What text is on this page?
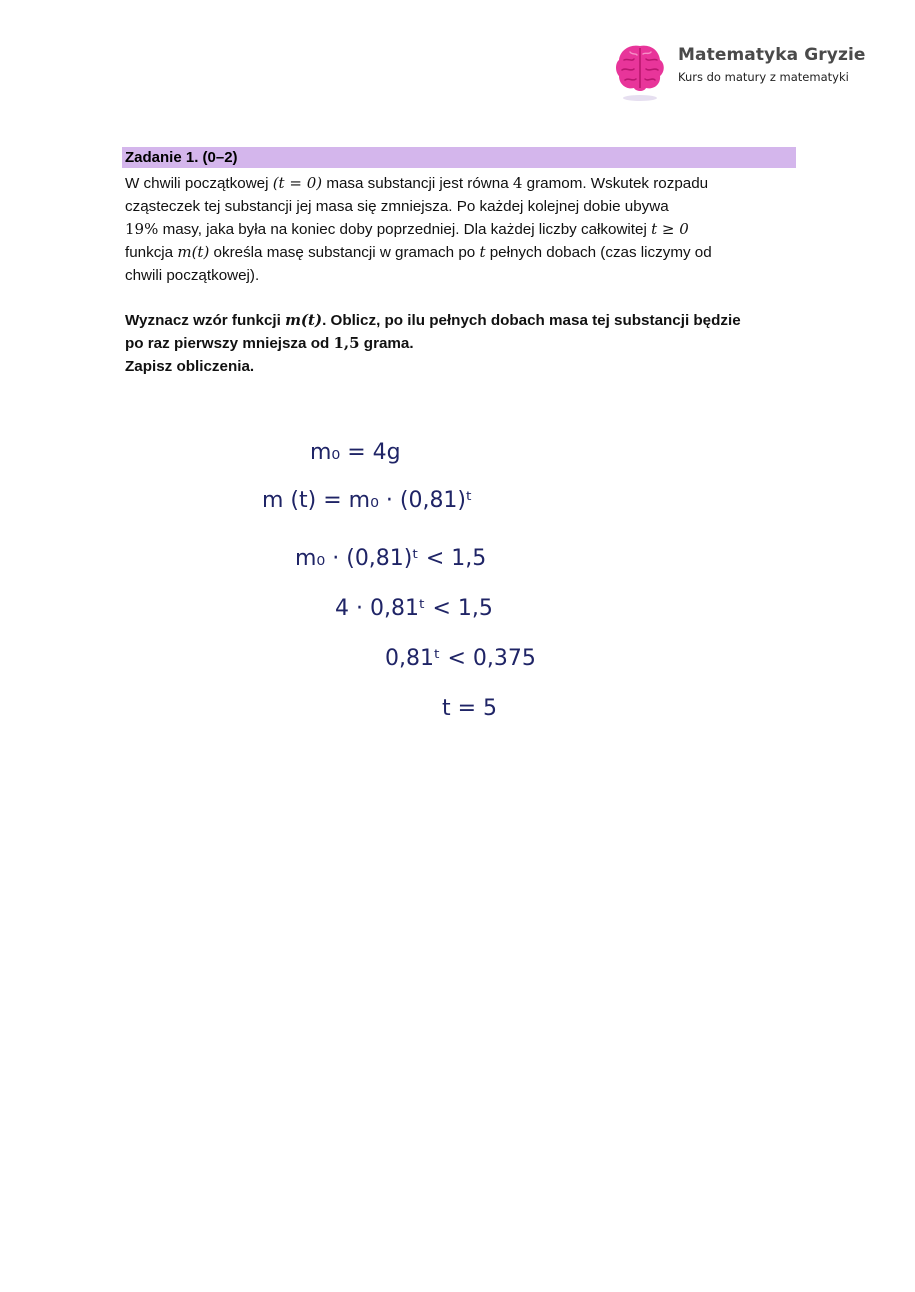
Matematyka Gryzie
Kurs do matury z matematyki
Zadanie 1. (0–2)

W chwili początkowej (t = 0) masa substancji jest równa 4 gramom. Wskutek rozpadu

cząsteczek tej substancji jej masa się zmniejsza. Po każdej kolejnej dobie ubywa

19% masy, jaka była na koniec doby poprzedniej. Dla każdej liczby całkowitej t ≥ 0

funkcja m(t) określa masę substancji w gramach po t pełnych dobach (czas liczymy od

chwili początkowej).

Wyznacz wzór funkcji m(t). Oblicz, po ilu pełnych dobach masa tej substancji będzie

po raz pierwszy mniejsza od 1,5 grama.

Zapisz obliczenia.

m₀ = 4g
m (t) = m₀ · (0,81)ᵗ
m₀ · (0,81)ᵗ < 1,5
4 · 0,81ᵗ < 1,5
0,81ᵗ < 0,375
t = 5
